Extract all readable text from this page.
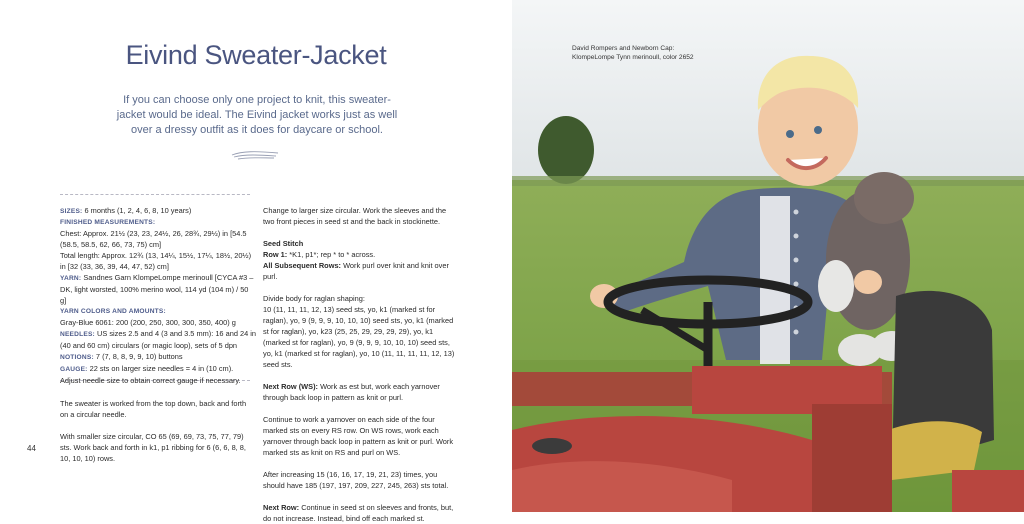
Eivind Sweater-Jacket
If you can choose only one project to knit, this sweater-jacket would be ideal. The Eivind jacket works just as well over a dressy outfit as it does for daycare or school.

SIZES: 6 months (1, 2, 4, 6, 8, 10 years)

FINISHED MEASUREMENTS:

Chest: Approx. 21½ (23, 23, 24½, 26, 28¾, 29½) in [54.5 (58.5, 58.5, 62, 66, 73, 75) cm]

Total length: Approx. 12¾ (13, 14¼, 15½, 17¼, 18½, 20½) in [32 (33, 36, 39, 44, 47, 52) cm]

YARN: Sandnes Garn KlompeLompe merinoull [CYCA #3 – DK, light worsted, 100% merino wool, 114 yd (104 m) / 50 g]

YARN COLORS AND AMOUNTS:

Gray-Blue 6061: 200 (200, 250, 300, 300, 350, 400) g

NEEDLES: US sizes 2.5 and 4 (3 and 3.5 mm): 16 and 24 in (40 and 60 cm) circulars (or magic loop), sets of 5 dpn

NOTIONS: 7 (7, 8, 8, 9, 9, 10) buttons

GAUGE: 22 sts on larger size needles = 4 in (10 cm).

Adjust needle size to obtain correct gauge if necessary.

The sweater is worked from the top down, back and forth on a circular needle.

With smaller size circular, CO 65 (69, 69, 73, 75, 77, 79) sts. Work back and forth in k1, p1 ribbing for 6 (6, 6, 8, 8, 10, 10, 10) rows.

Change to larger size circular. Work the sleeves and the two front pieces in seed st and the back in stockinette.

Seed Stitch

Row 1: *K1, p1*; rep * to * across.

All Subsequent Rows: Work purl over knit and knit over purl.

Divide body for raglan shaping:

10 (11, 11, 11, 12, 13) seed sts, yo, k1 (marked st for raglan), yo, 9 (9, 9, 9, 10, 10, 10) seed sts, yo, k1 (marked st for raglan), yo, k23 (25, 25, 29, 29, 29, 29), yo, k1 (marked st for raglan), yo, 9 (9, 9, 9, 10, 10, 10) seed sts, yo, k1 (marked st for raglan), yo, 10 (11, 11, 11, 11, 12, 13) seed sts.

Next Row (WS): Work as est but, work each yarnover through back loop in pattern as knit or purl.

Continue to work a yarnover on each side of the four marked sts on every RS row. On WS rows, work each yarnover through back loop in pattern as knit or purl. Work marked sts as knit on RS and purl on WS.

After increasing 15 (16, 16, 17, 19, 21, 23) times, you should have 185 (197, 197, 209, 227, 245, 263) sts total.

Next Row: Continue in seed st on sleeves and fronts, but, do not increase. Instead, bind off each marked st.

44
David Rompers and Newborn Cap:
KlompeLompe Tynn merinoull, color 2652
